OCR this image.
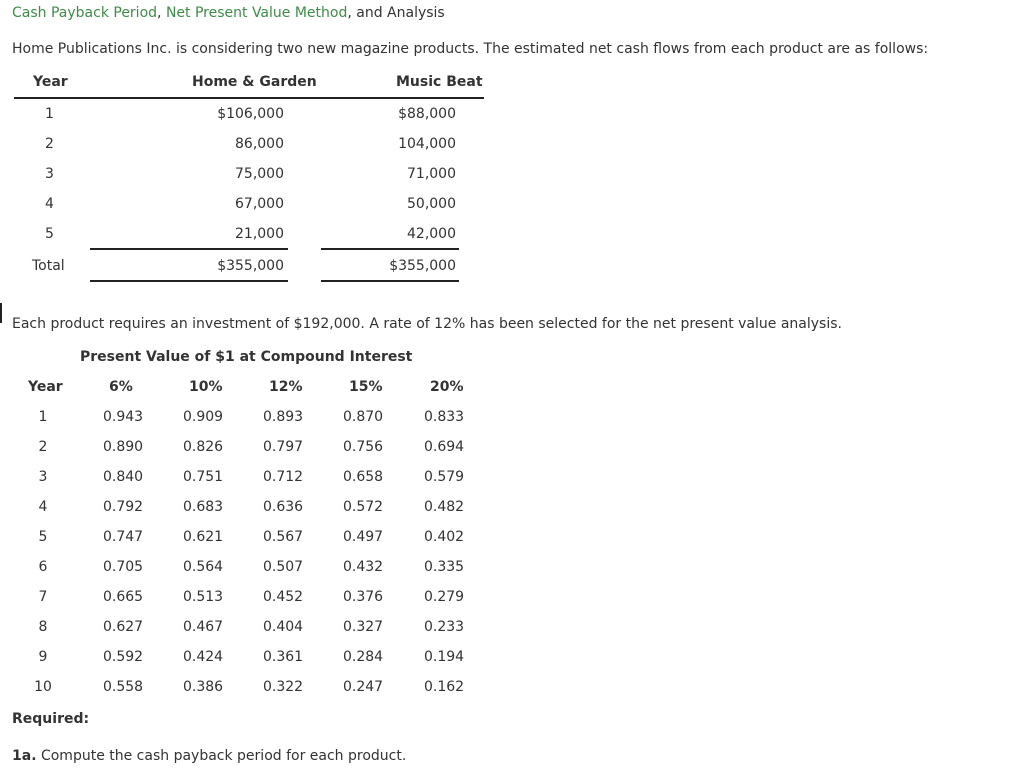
Cash Payback Period, Net Present Value Method, and Analysis
Home Publications Inc. is considering two new magazine products. The estimated net cash flows from each product are as follows:
Year	Home & Garden	Music Beat
1	$106,000	$88,000
2	86,000	104,000
3	75,000	71,000
4	67,000	50,000
5	21,000	42,000
Total	$355,000	$355,000
Each product requires an investment of $192,000. A rate of 12% has been selected for the net present value analysis.
Present Value of $1 at Compound Interest
Year	6%	10%	12%	15%	20%
1	0.943	0.909	0.893	0.870	0.833
2	0.890	0.826	0.797	0.756	0.694
3	0.840	0.751	0.712	0.658	0.579
4	0.792	0.683	0.636	0.572	0.482
5	0.747	0.621	0.567	0.497	0.402
6	0.705	0.564	0.507	0.432	0.335
7	0.665	0.513	0.452	0.376	0.279
8	0.627	0.467	0.404	0.327	0.233
9	0.592	0.424	0.361	0.284	0.194
10	0.558	0.386	0.322	0.247	0.162
Required:
1a. Compute the cash payback period for each product.
